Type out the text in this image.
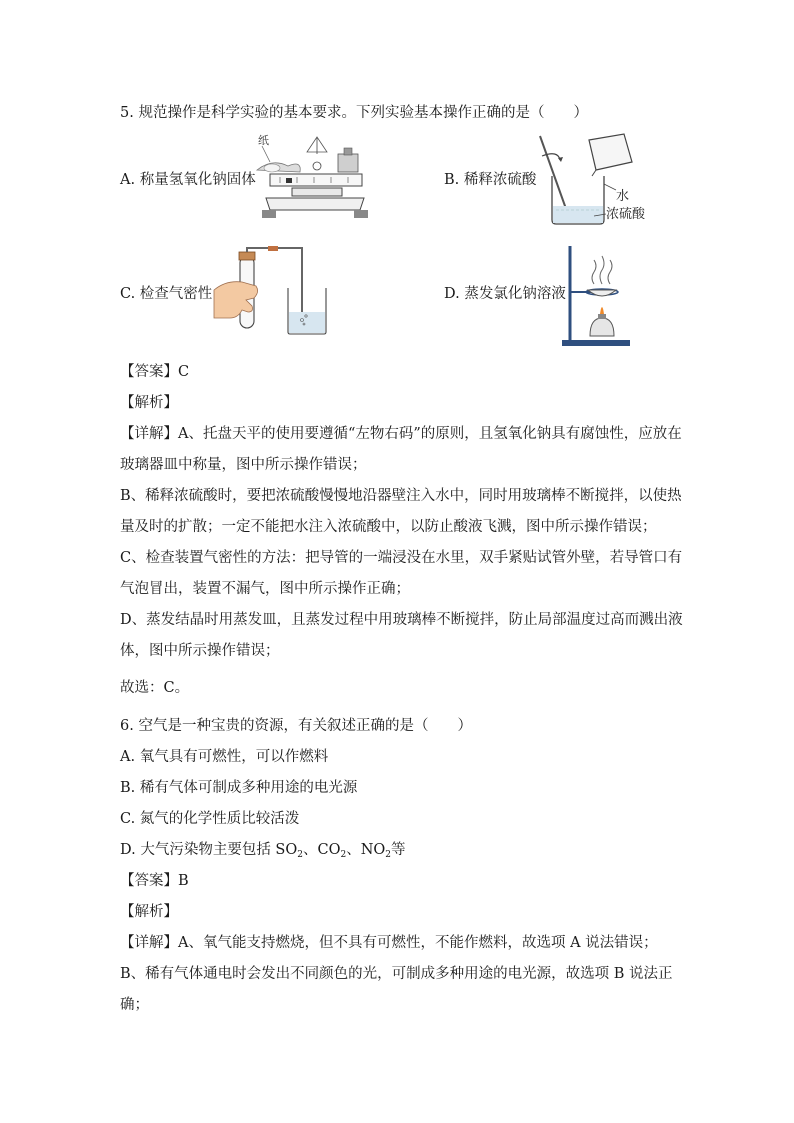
5. 规范操作是科学实验的基本要求。下列实验基本操作正确的是（　　）
A. 称量氢氧化钠固体
纸
B. 稀释浓硫酸
水
浓硫酸
C. 检查气密性	D. 蒸发氯化钠溶液
【答案】C
【解析】
【详解】A、托盘天平的使用要遵循“左物右码”的原则，且氢氧化钠具有腐蚀性，应放在
玻璃器皿中称量，图中所示操作错误；
B、稀释浓硫酸时，要把浓硫酸慢慢地沿器壁注入水中，同时用玻璃棒不断搅拌，以使热
量及时的扩散；一定不能把水注入浓硫酸中，以防止酸液飞溅，图中所示操作错误；
C、检查装置气密性的方法：把导管的一端浸没在水里，双手紧贴试管外壁，若导管口有
气泡冒出，装置不漏气，图中所示操作正确；
D、蒸发结晶时用蒸发皿，且蒸发过程中用玻璃棒不断搅拌，防止局部温度过高而溅出液
体，图中所示操作错误；
故选：C。
6. 空气是一种宝贵的资源，有关叙述正确的是（　　）
A. 氧气具有可燃性，可以作燃料
B. 稀有气体可制成多种用途的电光源
C. 氮气的化学性质比较活泼
D. 大气污染物主要包括 $SO_2$、$CO_2$、$NO_2$等
【答案】B
【解析】
【详解】A、氧气能支持燃烧，但不具有可燃性，不能作燃料，故选项 A 说法错误；
B、稀有气体通电时会发出不同颜色的光，可制成多种用途的电光源，故选项 B 说法正
确；
